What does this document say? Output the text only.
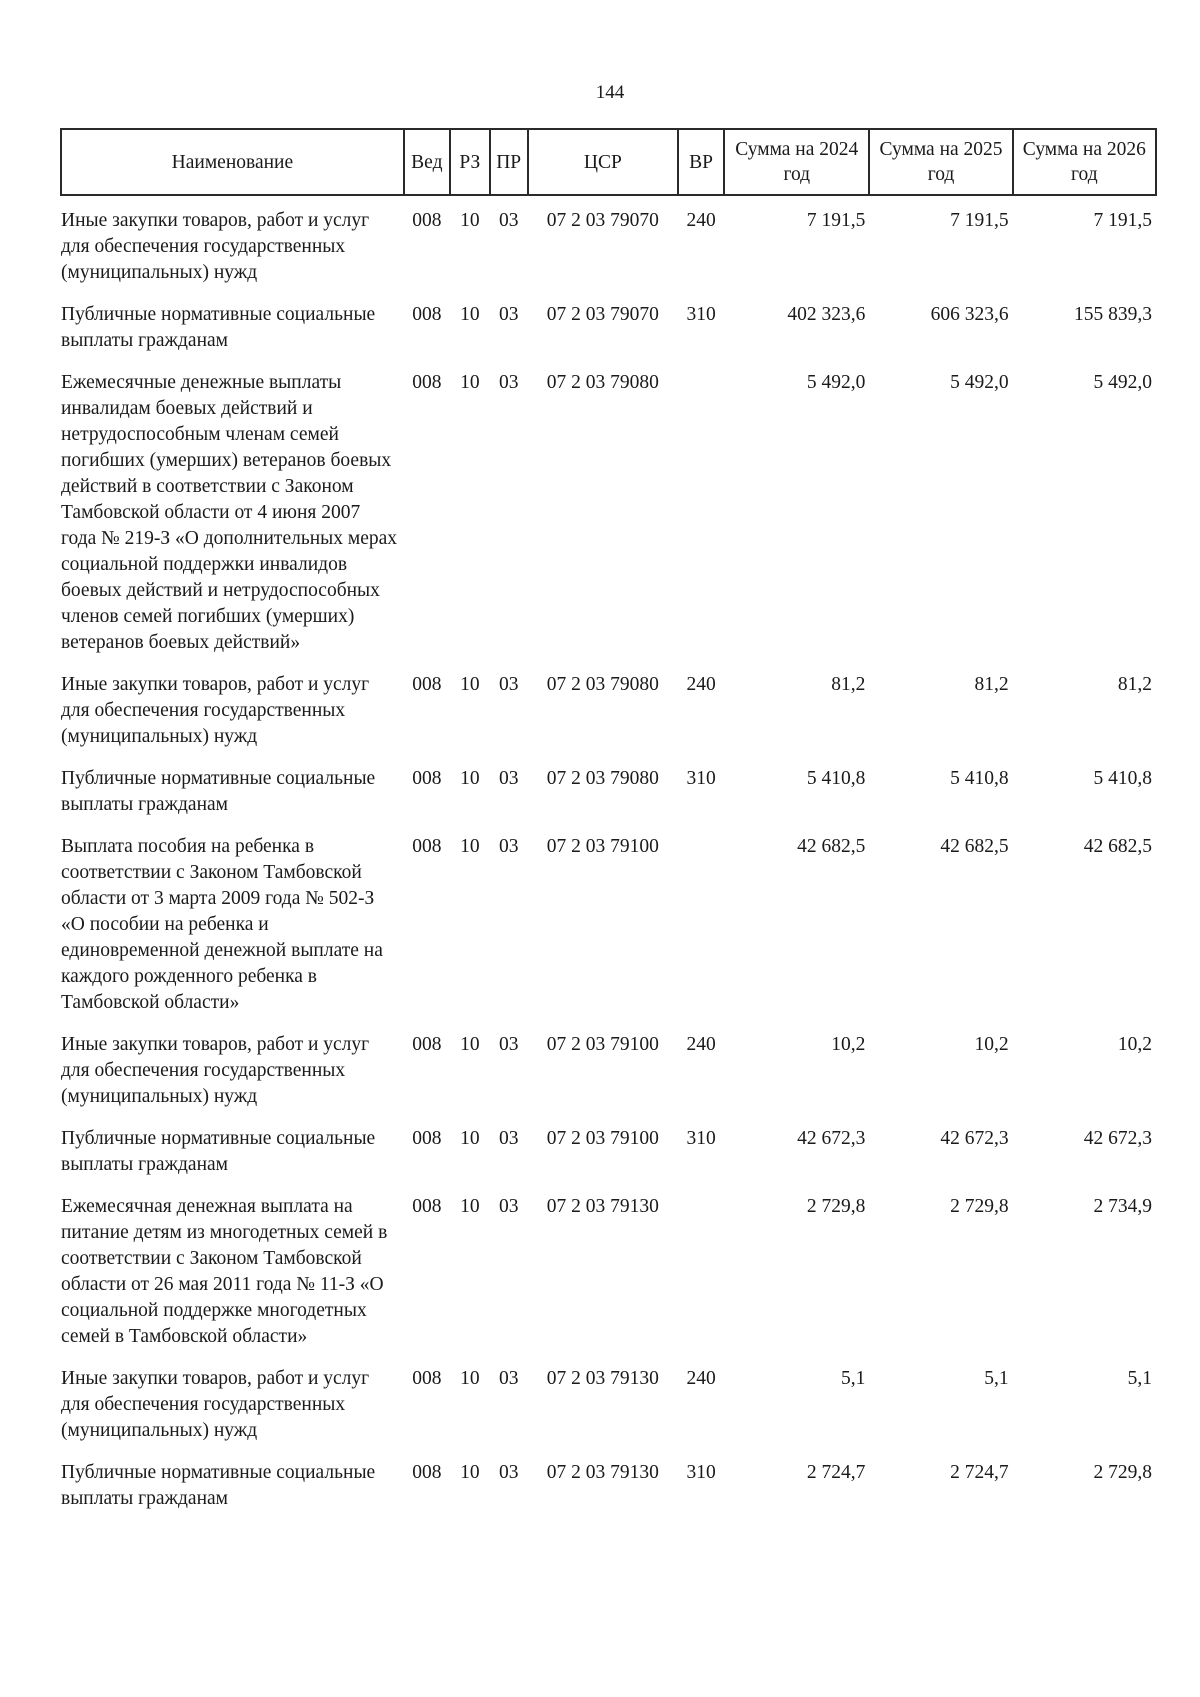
144
Наименование	Вед	РЗ	ПР	ЦСР	ВР	Сумма на 2024 год	Сумма на 2025 год	Сумма на 2026 год
Иные закупки товаров, работ и услуг для обеспечения государственных (муниципальных) нужд	008	10	03	07 2 03 79070	240	7 191,5	7 191,5	7 191,5
Публичные нормативные социальные выплаты гражданам	008	10	03	07 2 03 79070	310	402 323,6	606 323,6	155 839,3
Ежемесячные денежные выплаты инвалидам боевых действий и нетрудоспособным членам семей погибших (умерших) ветеранов боевых действий в соответствии с Законом Тамбовской области от 4 июня 2007 года № 219-З «О дополнительных мерах социальной поддержки инвалидов боевых действий и нетрудоспособных членов семей погибших (умерших) ветеранов боевых действий»	008	10	03	07 2 03 79080		5 492,0	5 492,0	5 492,0
Иные закупки товаров, работ и услуг для обеспечения государственных (муниципальных) нужд	008	10	03	07 2 03 79080	240	81,2	81,2	81,2
Публичные нормативные социальные выплаты гражданам	008	10	03	07 2 03 79080	310	5 410,8	5 410,8	5 410,8
Выплата пособия на ребенка в соответствии с Законом Тамбовской области от 3 марта 2009 года № 502-З «О пособии на ребенка и единовременной денежной выплате на каждого рожденного ребенка в Тамбовской области»	008	10	03	07 2 03 79100		42 682,5	42 682,5	42 682,5
Иные закупки товаров, работ и услуг для обеспечения государственных (муниципальных) нужд	008	10	03	07 2 03 79100	240	10,2	10,2	10,2
Публичные нормативные социальные выплаты гражданам	008	10	03	07 2 03 79100	310	42 672,3	42 672,3	42 672,3
Ежемесячная денежная выплата на питание детям из многодетных семей в соответствии с Законом Тамбовской области от 26 мая 2011 года № 11-З «О социальной поддержке многодетных семей в Тамбовской области»	008	10	03	07 2 03 79130		2 729,8	2 729,8	2 734,9
Иные закупки товаров, работ и услуг для обеспечения государственных (муниципальных) нужд	008	10	03	07 2 03 79130	240	5,1	5,1	5,1
Публичные нормативные социальные выплаты гражданам	008	10	03	07 2 03 79130	310	2 724,7	2 724,7	2 729,8
